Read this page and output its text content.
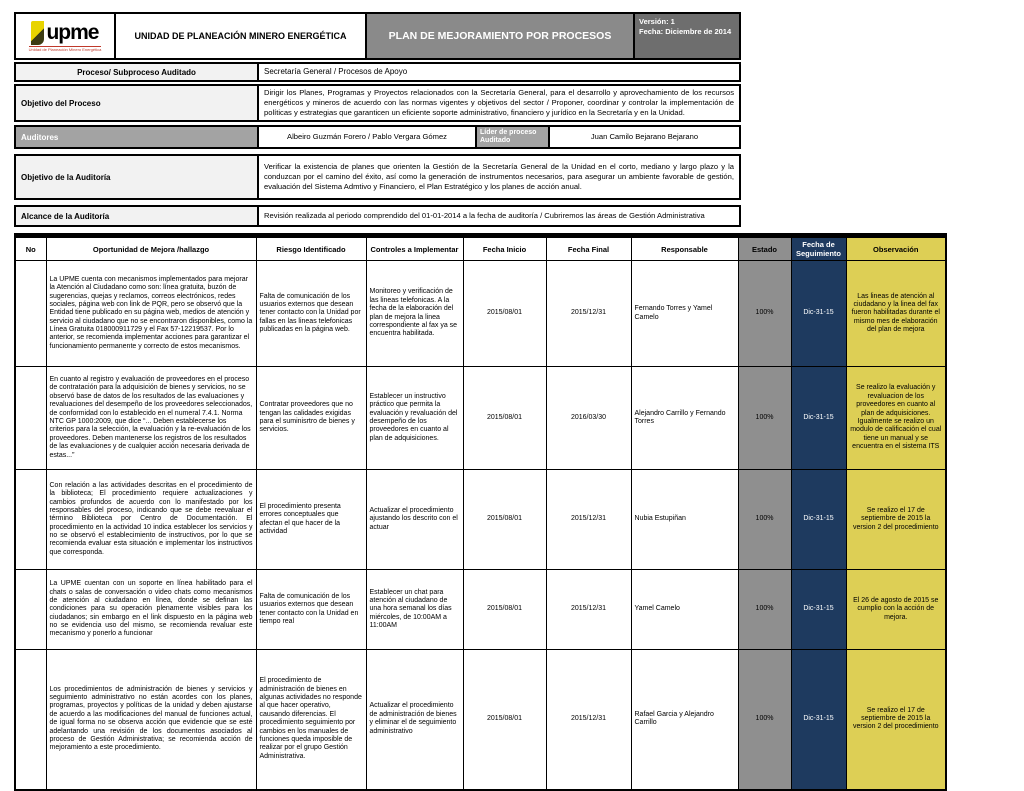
upme
Unidad de Planeación Minero Energética
UNIDAD DE PLANEACIÓN MINERO ENERGÉTICA	PLAN DE MEJORAMIENTO POR PROCESOS
Versión: 1
Fecha: Diciembre de 2014
Proceso/ Subproceso Auditado	Secretaría General / Procesos de Apoyo
Objetivo del Proceso
Dirigir los Planes, Programas y Proyectos relacionados con la Secretaría General, para el desarrollo y aprovechamiento de los recursos energéticos y mineros de acuerdo con las normas vigentes y objetivos del sector / Proponer, coordinar y controlar la implementación de políticas y estrategias que garanticen un eficiente soporte administrativo, financiero y jurídico en la Secretaría y en la Unidad.
Auditores	Albeiro Guzmán Forero / Pablo Vergara Gómez	Líder de proceso Auditado	Juan Camilo Bejarano Bejarano
Objetivo de la Auditoría
Verificar la existencia de planes que orienten la Gestión de la Secretaría General de la Unidad en el corto, mediano y largo plazo y la conduzcan por el camino del éxito, así como la generación de instrumentos necesarios, para asegurar un ambiente favorable de gestión, evaluación del Sistema Admtivo y Financiero, el Plan Estratégico y los planes de acción anual.
Alcance de la Auditoría	Revisión realizada al periodo comprendido del 01-01-2014 a la fecha de auditoría / Cubriremos las áreas de Gestión Administrativa
No	Oportunidad de Mejora /hallazgo	Riesgo Identificado	Controles a Implementar	Fecha Inicio	Fecha Final	Responsable	Estado	Fecha de Seguimiento	Observación
	La UPME cuenta con mecanismos implementados para mejorar la Atención al Ciudadano como son: línea gratuita, buzón de sugerencias, quejas y reclamos, correos electrónicos, redes sociales, página web con link de PQR, pero se observó que la Entidad tiene publicado en su página web, medios de atención y servicio al ciudadano que no se encontraron disponibles, como la Línea Gratuita 018000911729 y el Fax 57-12219537. Por lo anterior, se recomienda implementar acciones para garantizar el funcionamiento permanente y correcto de estos mecanismos.	Falta de comunicación de los usuarios externos que desean tener contacto con la Unidad por fallas en las lineas telefonicas publicadas en la página web.	Monitoreo y verificación de las lineas telefonicas. A la fecha de la elaboración del plan de mejora la linea correspondiente al fax ya se encuentra habilitada.	2015/08/01	2015/12/31	Fernando Torres y Yamel Camelo	100%	Dic-31-15	Las lineas de atención al ciudadano y la linea del fax fueron habilitadas durante el mismo mes de elaboración del plan de mejora
	En cuanto al registro y evaluación de proveedores en el proceso de contratación para la adquisición de bienes y servicios, no se observó base de datos de los resultados de las evaluaciones y revaluaciones del desempeño de los proveedores seleccionados, de conformidad con lo establecido en el numeral 7.4.1. Norma NTC GP 1000:2009, que dice “... Deben establecerse los criterios para la selección, la evaluación y la re-evaluación de los proveedores. Deben mantenerse los registros de los resultados de las evaluaciones y de cualquier acción necesaria derivada de estas...”	Contratar proveedores que no tengan las calidades exigidas para el suminisrtro de bienes y servicios.	Establecer un instructivo práctico que permita la evaluación y revaluación del desempeño de los proveedores en cuanto al plan de adquisiciones.	2015/08/01	2016/03/30	Alejandro Carrillo y Fernando Torres	100%	Dic-31-15	Se realizo la evaluación y revaluacion de los proveedores en cuanto al plan de adquisiciones. Igualmente se realizo un modulo de calificación el cual tiene un manual y se encuentra en el sistema ITS
	Con relación a las actividades descritas en el procedimiento de la biblioteca; El procedimiento requiere actualizaciones y cambios profundos de acuerdo con lo manifestado por los responsables del proceso, indicando que se debe reevaluar el término Biblioteca por Centro de Documentación. El procedimiento en la actividad 10 indica establecer los servicios y no se observó el establecimiento de instructivos, por lo que se recomienda evaluar esta situación e implementar los instructivos que corresponda.	El procedimiento presenta errores conceptuales que afectan el que hacer de la actividad	Actualizar el procedimiento ajustando los descrito con el actuar	2015/08/01	2015/12/31	Nubia Estupiñan	100%	Dic-31-15	Se realizo el 17 de septiembre de 2015 la version 2 del procedimiento
	La UPME cuentan con un soporte en línea habilitado para el chats o salas de conversación o video chats como mecanismos de atención al ciudadano en línea, donde se definan las condiciones para su operación plenamente visibles para los ciudadanos; sin embargo en el link dispuesto en la página web no se evidencia uso del mismo, se recomienda revaluar este mecanismo y ponerlo a funcionar	Falta de comunicación de los usuarios externos que desean tener contacto con la Unidad en tiempo real	Establecer un chat para atención al ciudadano de una hora semanal los días miércoles, de 10:00AM a 11:00AM	2015/08/01	2015/12/31	Yamel Camelo	100%	Dic-31-15	El 26 de agosto de 2015 se cumplio con la acción de mejora.
	Los procedimientos de administración de bienes y servicios y seguimiento administrativo no están acordes con los planes, programas, proyectos y políticas de la unidad y deben ajustarse de acuerdo a las modificaciones del manual de funciones actual, de igual forma no se observa acción que evidencie que se esté adelantando una revisión de los documentos asociados al proceso de Gestión Administrativa; se recomienda acción de mejoramiento a este procedimiento.	El procedimiento de administración de bienes en algunas actividades no responde al que hacer operativo, causando diferencias. El procedimiento seguimiento por cambios en los manuales de funciones queda imposible de realizar por el grupo Gestión Administrativa.	Actualizar el procedimiento de administración de bienes y eliminar el de seguimiento administrativo	2015/08/01	2015/12/31	Rafael Garcia y Alejandro Carrillo	100%	Dic-31-15	Se realizo el 17 de septiembre de 2015 la version 2 del procedimiento
